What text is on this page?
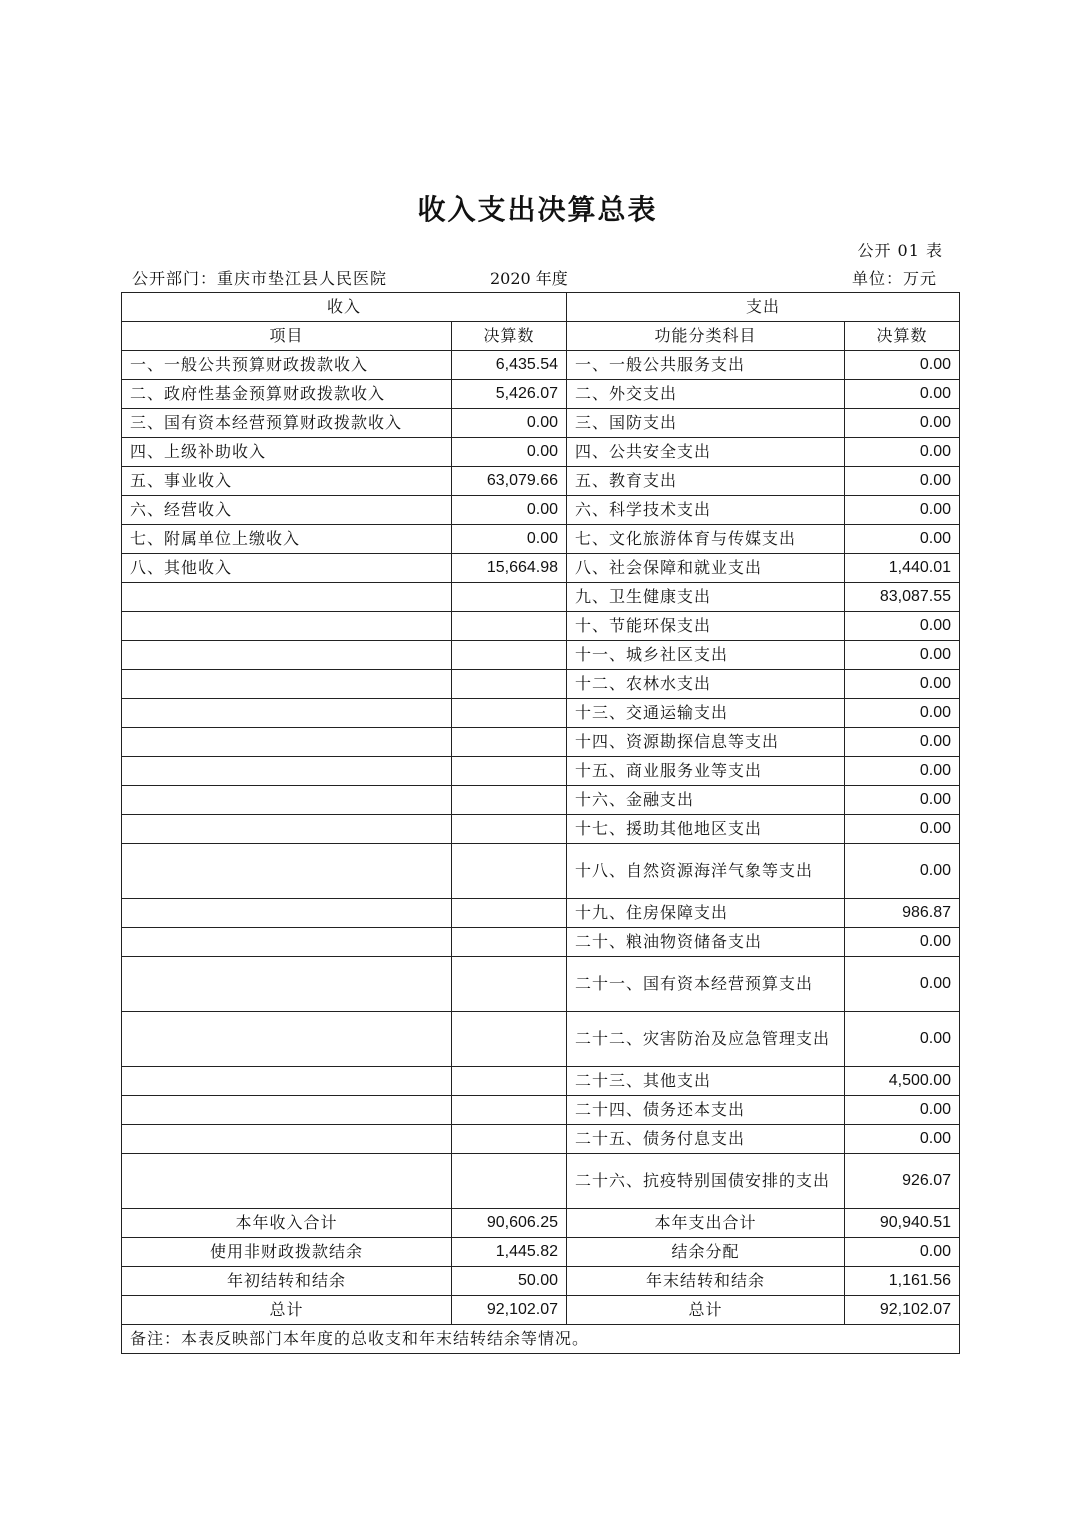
收入支出决算总表
公开 01 表
公开部门：重庆市垫江县人民医院	2020 年度	单位：万元
收入		支出	
项目	决算数	功能分类科目	决算数
一、一般公共预算财政拨款收入	6,435.54	一、一般公共服务支出	0.00
二、政府性基金预算财政拨款收入	5,426.07	二、外交支出	0.00
三、国有资本经营预算财政拨款收入	0.00	三、国防支出	0.00
四、上级补助收入	0.00	四、公共安全支出	0.00
五、事业收入	63,079.66	五、教育支出	0.00
六、经营收入	0.00	六、科学技术支出	0.00
七、附属单位上缴收入	0.00	七、文化旅游体育与传媒支出	0.00
八、其他收入	15,664.98	八、社会保障和就业支出	1,440.01
		九、卫生健康支出	83,087.55
		十、节能环保支出	0.00
		十一、城乡社区支出	0.00
		十二、农林水支出	0.00
		十三、交通运输支出	0.00
		十四、资源勘探信息等支出	0.00
		十五、商业服务业等支出	0.00
		十六、金融支出	0.00
		十七、援助其他地区支出	0.00
		十八、自然资源海洋气象等支出	0.00
		十九、住房保障支出	986.87
		二十、粮油物资储备支出	0.00
		二十一、国有资本经营预算支出	0.00
		二十二、灾害防治及应急管理支出	0.00
		二十三、其他支出	4,500.00
		二十四、债务还本支出	0.00
		二十五、债务付息支出	0.00
		二十六、抗疫特别国债安排的支出	926.07
本年收入合计	90,606.25	本年支出合计	90,940.51
使用非财政拨款结余	1,445.82	结余分配	0.00
年初结转和结余	50.00	年末结转和结余	1,161.56
总计	92,102.07	总计	92,102.07
备注：本表反映部门本年度的总收支和年末结转结余等情况。			
